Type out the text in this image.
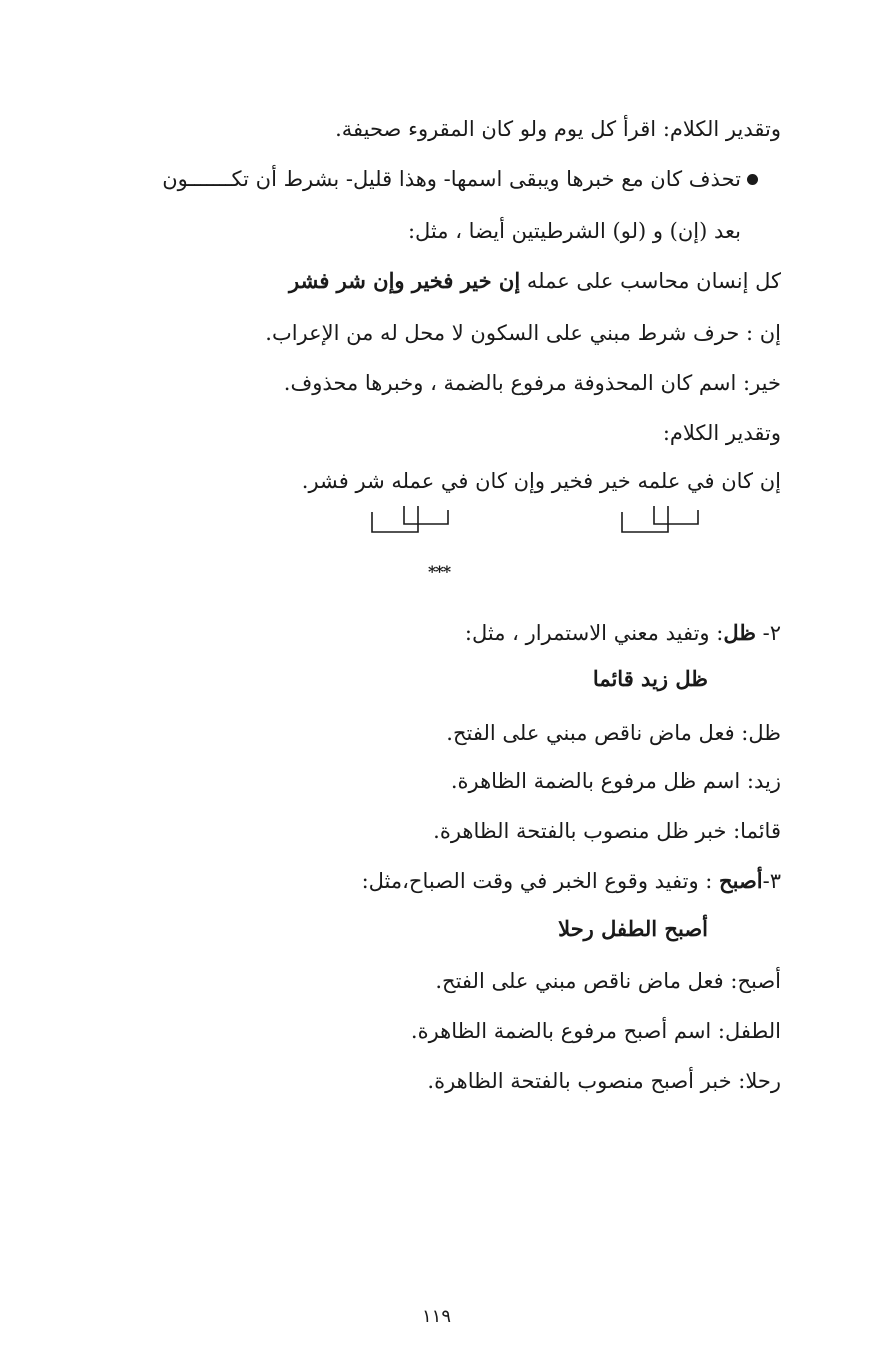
وتقدير الكلام: اقرأ كل يوم ولو كان المقروء صحيفة.
تحذف كان مع خبرها ويبقى اسمها- وهذا قليل- بشرط أن تكـــــــون
بعد (إن) و (لو) الشرطيتين أيضا ، مثل:
كل إنسان محاسب على عمله إن خير فخير وإن شر فشر
إن : حرف شرط مبني على السكون لا محل له من الإعراب.
خير: اسم كان المحذوفة مرفوع بالضمة ، وخبرها محذوف.
وتقدير الكلام:
إن كان في علمه خير فخير وإن كان في عمله شر فشر.
***
٢- ظل: وتفيد معني الاستمرار ، مثل:
ظل زيد قائما
ظل: فعل ماض ناقص مبني على الفتح.
زيد: اسم ظل مرفوع بالضمة الظاهرة.
قائما: خبر ظل منصوب بالفتحة الظاهرة.
٣-أصبح : وتفيد وقوع الخبر في وقت الصباح،مثل:
أصبح الطفل رحلا
أصبح: فعل ماض ناقص مبني على الفتح.
الطفل: اسم أصبح مرفوع بالضمة الظاهرة.
رحلا: خبر أصبح منصوب بالفتحة الظاهرة.
١١٩
